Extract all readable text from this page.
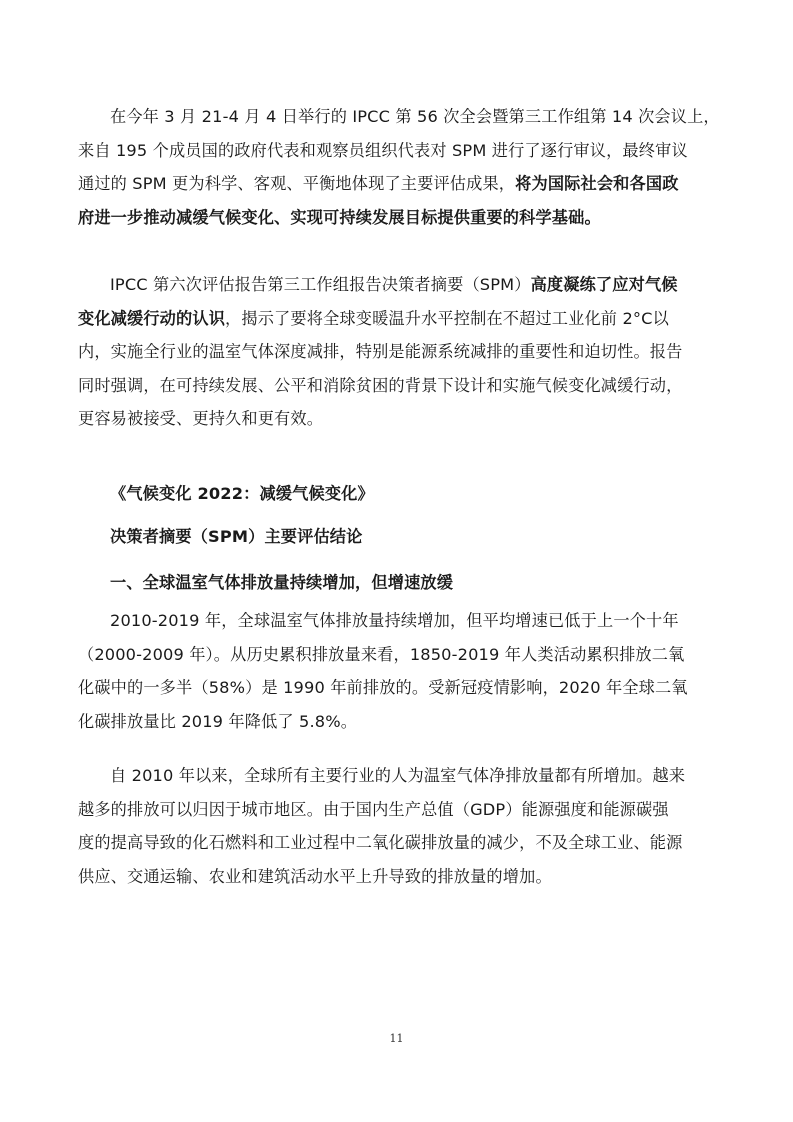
在今年 3 月 21-4 月 4 日举行的 IPCC 第 56 次全会暨第三工作组第 14 次会议上，
来自 195 个成员国的政府代表和观察员组织代表对 SPM 进行了逐行审议，最终审议
通过的 SPM 更为科学、客观、平衡地体现了主要评估成果，将为国际社会和各国政
府进一步推动减缓气候变化、实现可持续发展目标提供重要的科学基础。

IPCC 第六次评估报告第三工作组报告决策者摘要（SPM）高度凝练了应对气候
变化减缓行动的认识，揭示了要将全球变暖温升水平控制在不超过工业化前 2°C以
内，实施全行业的温室气体深度减排，特别是能源系统减排的重要性和迫切性。报告
同时强调，在可持续发展、公平和消除贫困的背景下设计和实施气候变化减缓行动，
更容易被接受、更持久和更有效。

《气候变化 2022：减缓气候变化》

决策者摘要（SPM）主要评估结论

一、全球温室气体排放量持续增加，但增速放缓

2010-2019 年，全球温室气体排放量持续增加，但平均增速已低于上一个十年
（2000-2009 年）。从历史累积排放量来看，1850-2019 年人类活动累积排放二氧
化碳中的一多半（58%）是 1990 年前排放的。受新冠疫情影响，2020 年全球二氧
化碳排放量比 2019 年降低了 5.8%。

自 2010 年以来，全球所有主要行业的人为温室气体净排放量都有所增加。越来
越多的排放可以归因于城市地区。由于国内生产总值（GDP）能源强度和能源碳强
度的提高导致的化石燃料和工业过程中二氧化碳排放量的减少，不及全球工业、能源
供应、交通运输、农业和建筑活动水平上升导致的排放量的增加。

11
